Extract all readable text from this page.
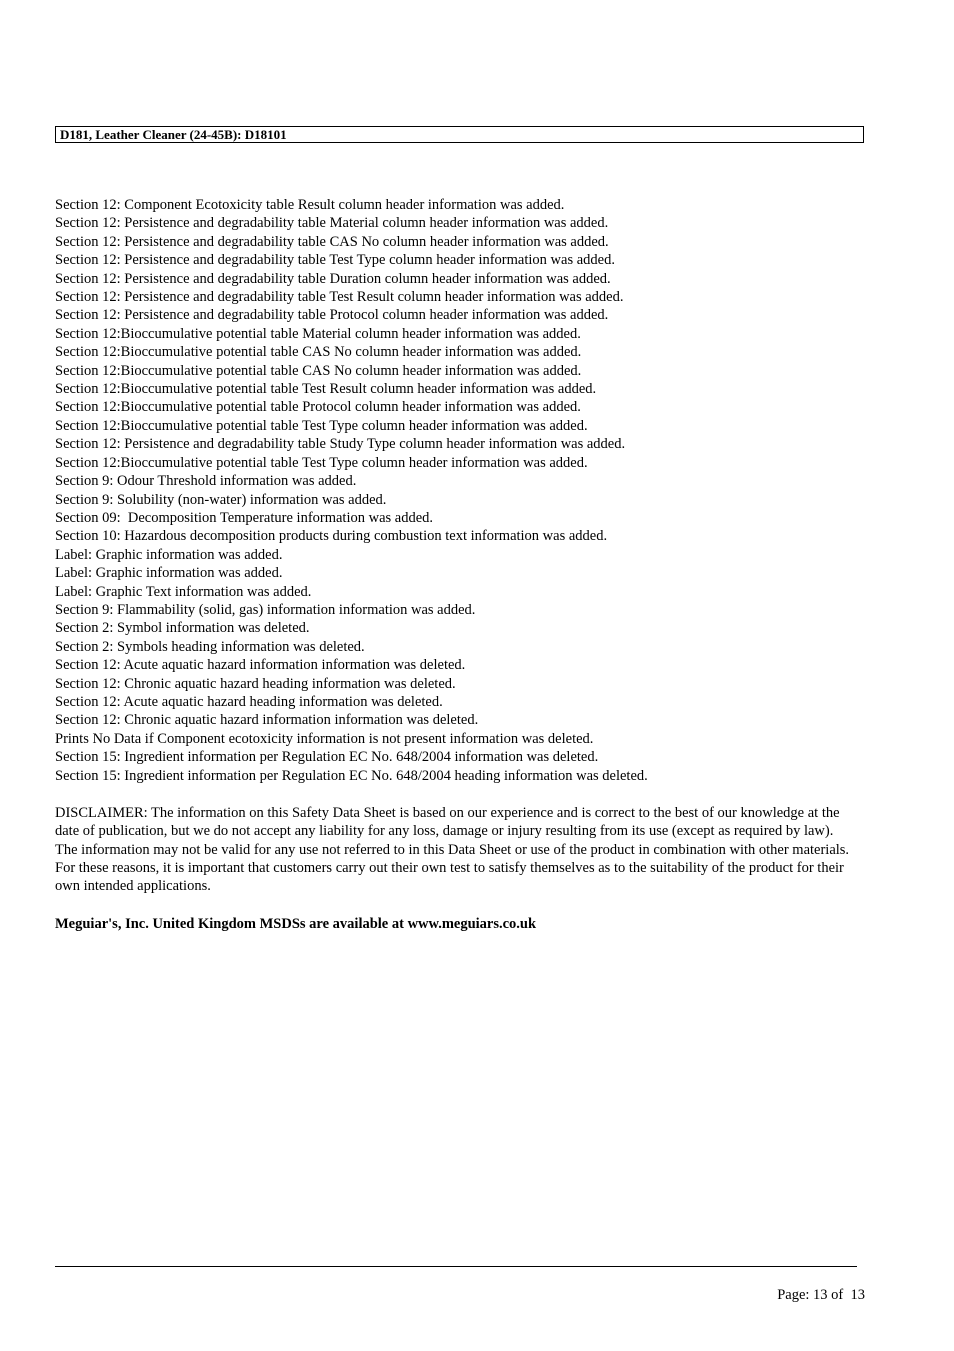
D181, Leather Cleaner (24-45B): D18101
Section 12: Component Ecotoxicity table Result column header information was added.
Section 12: Persistence and degradability table Material column header information was added.
Section 12: Persistence and degradability table CAS No column header information was added.
Section 12: Persistence and degradability table Test Type column header information was added.
Section 12: Persistence and degradability table Duration column header information was added.
Section 12: Persistence and degradability table Test Result column header information was added.
Section 12: Persistence and degradability table Protocol column header information was added.
Section 12:Bioccumulative potential table Material column header information was added.
Section 12:Bioccumulative potential table CAS No column header information was added.
Section 12:Bioccumulative potential table CAS No column header information was added.
Section 12:Bioccumulative potential table Test Result column header information was added.
Section 12:Bioccumulative potential table Protocol column header information was added.
Section 12:Bioccumulative potential table Test Type column header information was added.
Section 12: Persistence and degradability table Study Type column header information was added.
Section 12:Bioccumulative potential table Test Type column header information was added.
Section 9: Odour Threshold information was added.
Section 9: Solubility (non-water) information was added.
Section 09:  Decomposition Temperature information was added.
Section 10: Hazardous decomposition products during combustion text information was added.
Label: Graphic information was added.
Label: Graphic information was added.
Label: Graphic Text information was added.
Section 9: Flammability (solid, gas) information information was added.
Section 2: Symbol information was deleted.
Section 2: Symbols heading information was deleted.
Section 12: Acute aquatic hazard information information was deleted.
Section 12: Chronic aquatic hazard heading information was deleted.
Section 12: Acute aquatic hazard heading information was deleted.
Section 12: Chronic aquatic hazard information information was deleted.
Prints No Data if Component ecotoxicity information is not present information was deleted.
Section 15: Ingredient information per Regulation EC No. 648/2004 information was deleted.
Section 15: Ingredient information per Regulation EC No. 648/2004 heading information was deleted.

DISCLAIMER: The information on this Safety Data Sheet is based on our experience and is correct to the best of our knowledge at the date of publication, but we do not accept any liability for any loss, damage or injury resulting from its use (except as required by law). The information may not be valid for any use not referred to in this Data Sheet or use of the product in combination with other materials. For these reasons, it is important that customers carry out their own test to satisfy themselves as to the suitability of the product for their own intended applications.

Meguiar's, Inc. United Kingdom MSDSs are available at www.meguiars.co.uk

Page: 13 of  13
